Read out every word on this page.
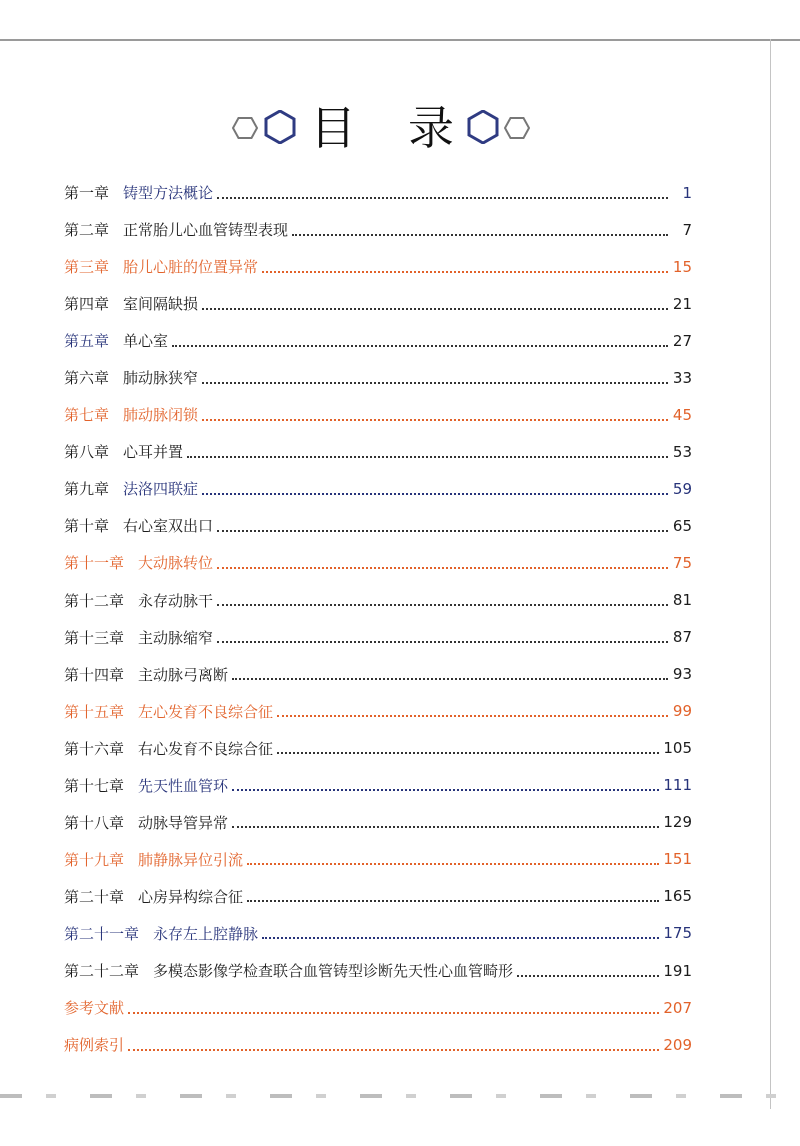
目 录
第一章 铸型方法概论	1
第二章 正常胎儿心血管铸型表现	7
第三章 胎儿心脏的位置异常	15
第四章 室间隔缺损	21
第五章 单心室	27
第六章 肺动脉狭窄	33
第七章 肺动脉闭锁	45
第八章 心耳并置	53
第九章 法洛四联症	59
第十章 右心室双出口	65
第十一章 大动脉转位	75
第十二章 永存动脉干	81
第十三章 主动脉缩窄	87
第十四章 主动脉弓离断	93
第十五章 左心发育不良综合征	99
第十六章 右心发育不良综合征	105
第十七章 先天性血管环	111
第十八章 动脉导管异常	129
第十九章 肺静脉异位引流	151
第二十章 心房异构综合征	165
第二十一章 永存左上腔静脉	175
第二十二章 多模态影像学检查联合血管铸型诊断先天性心血管畸形	191
参考文献	207
病例索引	209
